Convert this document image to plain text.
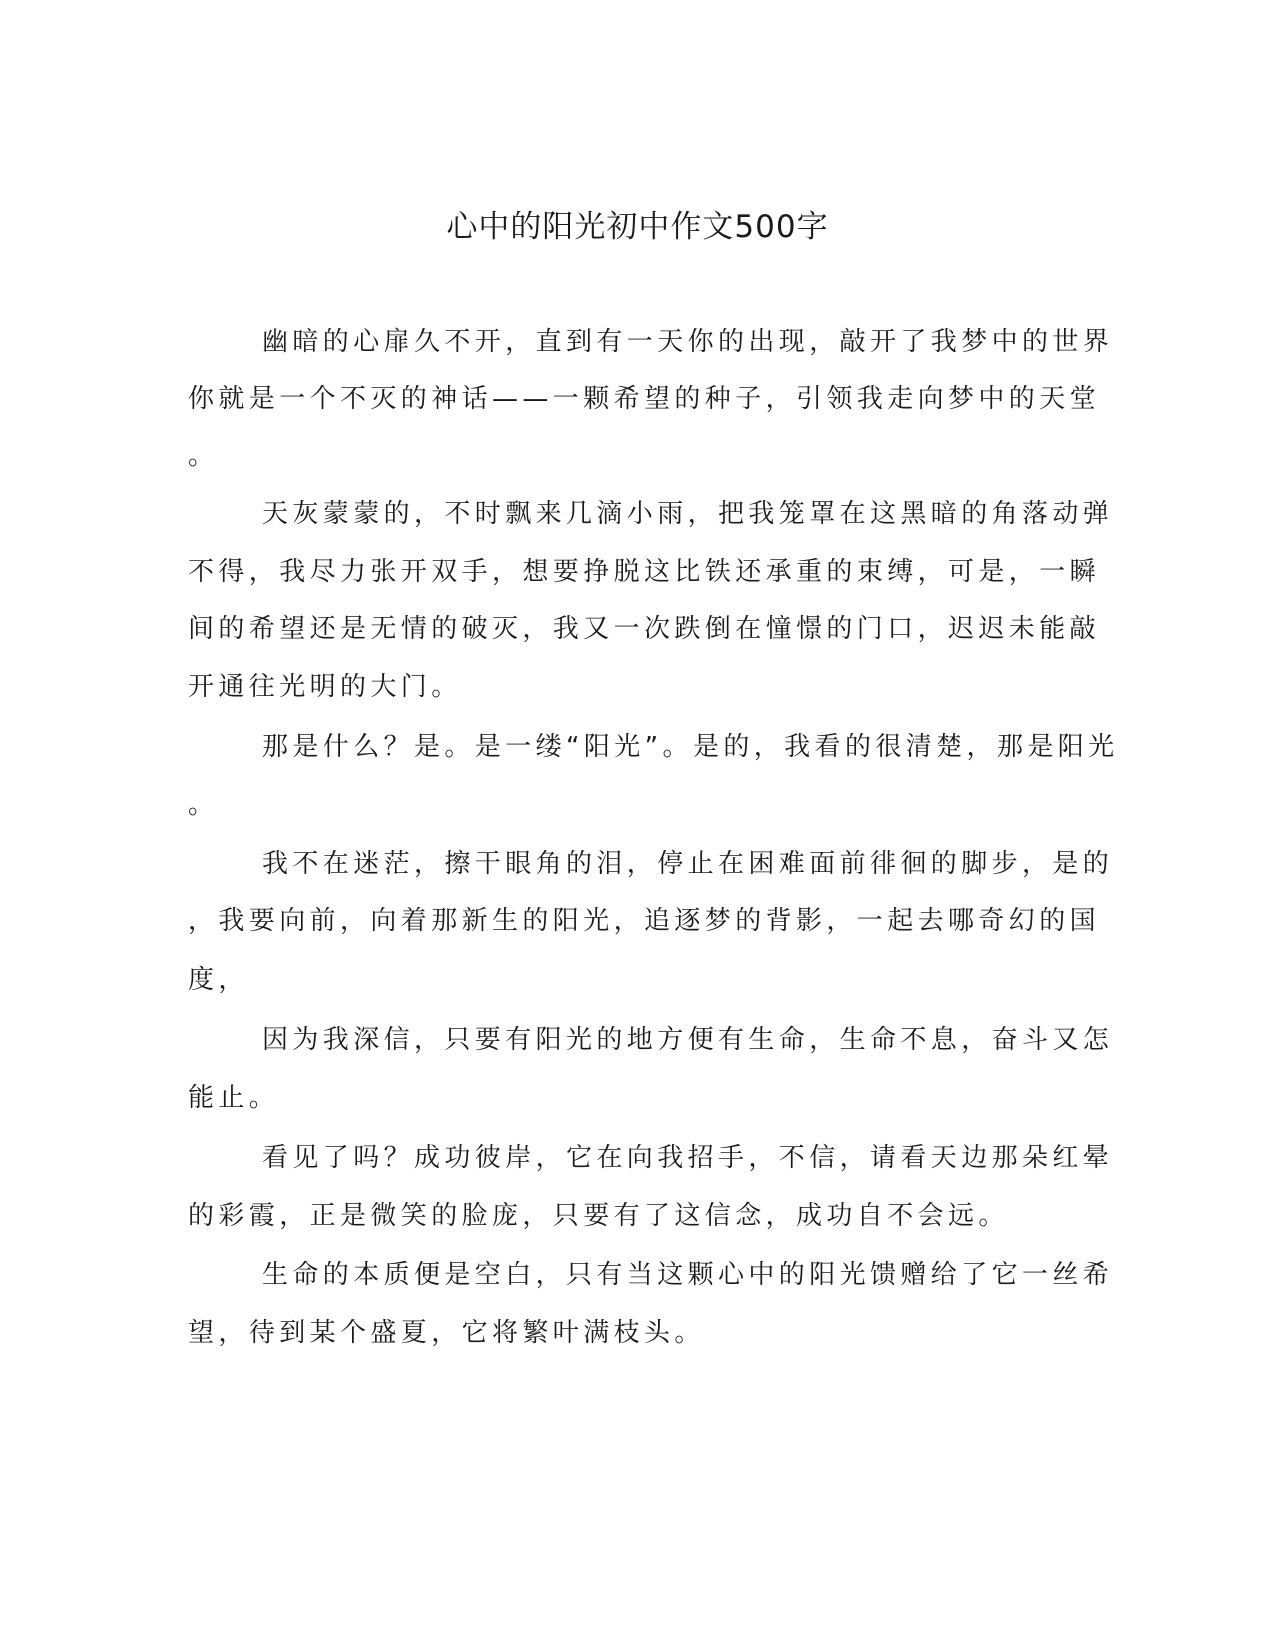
心中的阳光初中作文500字
幽暗的心扉久不开，直到有一天你的出现，敲开了我梦中的世界
你就是一个不灭的神话——一颗希望的种子，引领我走向梦中的天堂
。
天灰蒙蒙的，不时飘来几滴小雨，把我笼罩在这黑暗的角落动弹
不得，我尽力张开双手，想要挣脱这比铁还承重的束缚，可是，一瞬
间的希望还是无情的破灭，我又一次跌倒在憧憬的门口，迟迟未能敲
开通往光明的大门。
那是什么？是。是一缕“阳光”。是的，我看的很清楚，那是阳光
。
我不在迷茫，擦干眼角的泪，停止在困难面前徘徊的脚步，是的
，我要向前，向着那新生的阳光，追逐梦的背影，一起去哪奇幻的国
度，
因为我深信，只要有阳光的地方便有生命，生命不息，奋斗又怎
能止。
看见了吗？成功彼岸，它在向我招手，不信，请看天边那朵红晕
的彩霞，正是微笑的脸庞，只要有了这信念，成功自不会远。
生命的本质便是空白，只有当这颗心中的阳光馈赠给了它一丝希
望，待到某个盛夏，它将繁叶满枝头。
